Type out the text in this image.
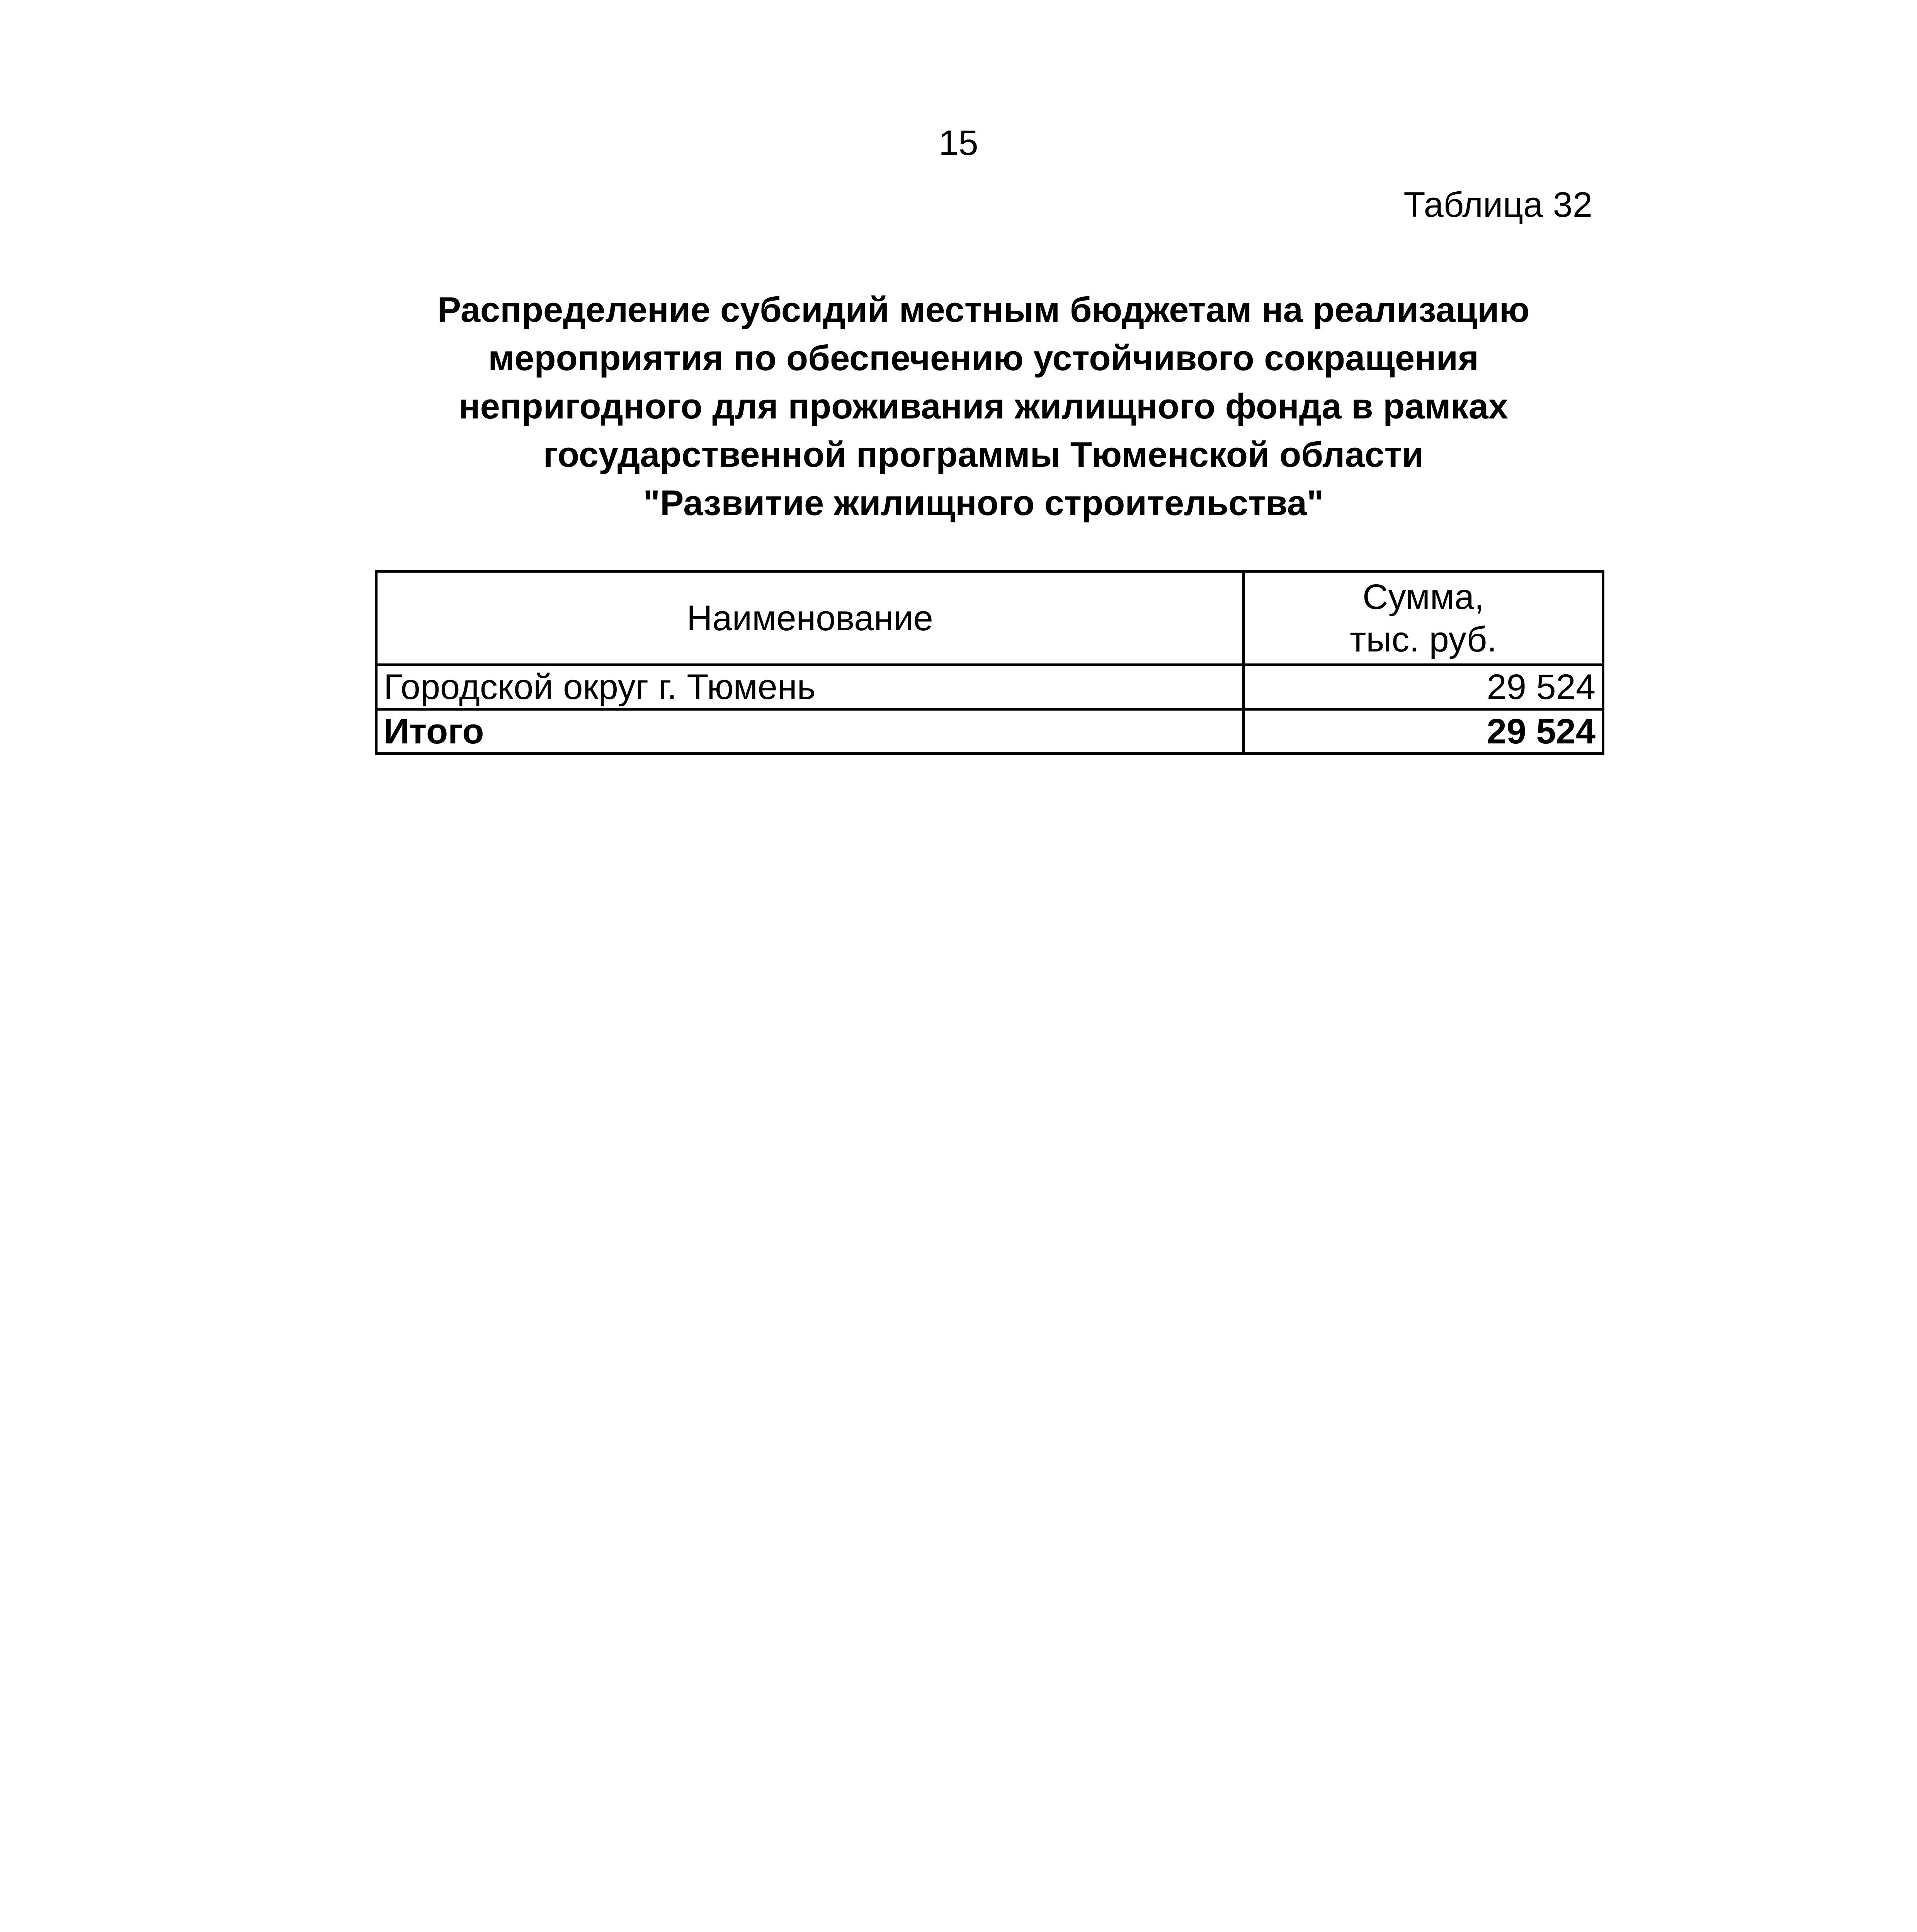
15
Таблица 32
Распределение субсидий местным бюджетам на реализацию
мероприятия по обеспечению устойчивого сокращения
непригодного для проживания жилищного фонда в рамках
государственной программы Тюменской области
"Развитие жилищного строительства"
Наименование	Сумма,
тыс. руб.

Городской округ г. Тюмень	29 524
Итого	29 524
